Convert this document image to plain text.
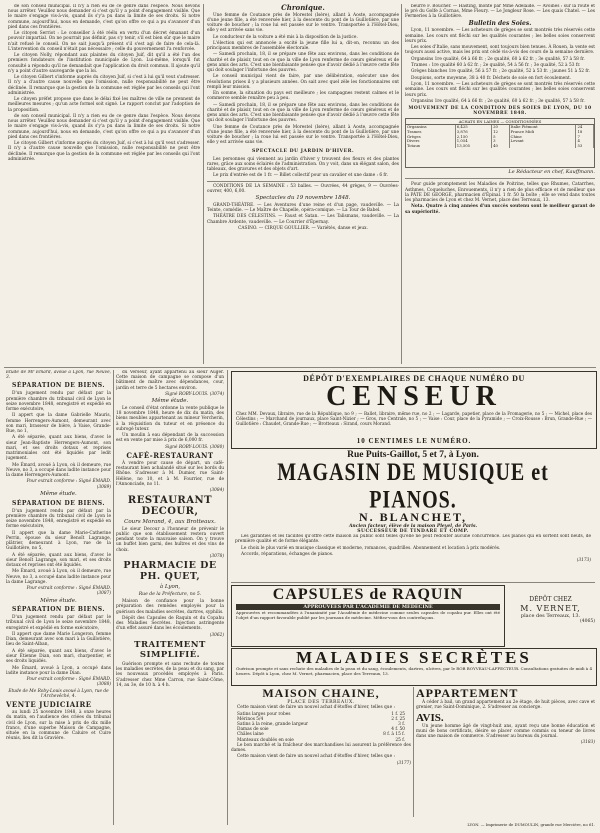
de son conseil municipal. Il n'y a rien eu de ce genre dans l'espèce. Nous devons nous arrêter. Veuillez nous demander si c'est qu'il y a point d'engagement visible. Que le maire s'engage vis-à-vis, quand ils s'y'a pu dans la limite de ses droits. Si notre commune, aujourd'hui, nous en demande, c'est qu'on offre ce qui a pu s'avancer d'un pied dans ces frontières.

Le citoyen Serriot : Le conseiller à été réélu en vertu d'un décret émanant d'un pouvoir impartial. On ne pourrait pas définir, pas s'y tenir, s'il est bien sûr que le maire n'ait refusé le conseil. On ne sait jusqu'à présent s'il s'est agi de faire de cela-là. L'intervention du conseil n'était pas nécessaire ; celle du gouvernement l'a renforcée.

Le citoyen Nolly, répondant aux plaintes du citoyen Juif, dit qu'il a été l'un des premiers fondateurs de l'institution municipale de Lyon. Lui-même, lorsqu'il fut consulté a répondu qu'il ne demandait que l'application du droit commun. Il ajoute qu'il n'y a point d'autre sauvegarde que la loi.

Le citoyen Gilbert s'informe auprès du citoyen Juif, si c'est à lui qu'il veut s'adresser. Il n'y a d'autre cause nouvelle que l'omission, nulle responsabilité ne peut être déclinée. Il remarque que la gestion de la commune est réglée par les conseils qui l'ont administrée.

Le citoyen préfet propose que dans le délai fixé les maîtres de ville ne prennent de meilleures mesures ; qu'un acte formel soit signé. Le rapport conclut par l'adoption de la proposition.

de son conseil municipal. Il n'y a rien eu de ce genre dans l'espèce. Nous devons nous arrêter. Veuillez nous demander si c'est qu'il y a point d'engagement visible. Que le maire s'engage vis-à-vis, quand ils s'y'a pu dans la limite de ses droits. Si notre commune, aujourd'hui, nous en demande, c'est qu'on offre ce qui a pu s'avancer d'un pied dans ces frontières.

Le citoyen Gilbert s'informe auprès du citoyen Juif, si c'est à lui qu'il veut s'adresser. Il n'y a d'autre cause nouvelle que l'omission, nulle responsabilité ne peut être déclinée. Il remarque que la gestion de la commune est réglée par les conseils qui l'ont administrée.

Chronique.

Une femme de Coutance près de Morestel (Isère), allant à Aoste, accompagnée d'une jeune fille, a été renversée hier, à la descente du pont de la Guillotière, par une voiture de boucher ; la roue lui est passée sur le ventre. Transportée à l'Hôtel-Dieu, elle y est arrivée sans vie.

Le conducteur de la voiture a été mis à la disposition de la justice.

L'élection qui est annoncée a excité la jeune fille lui a, dit-on, reconnu un des principaux membres de l'assemblée électorale.

— Samedi prochain, 18, il se prépare une fête aux environs, dans les conditions de charité et de plaisir, tout en ce que la ville de Lyon renferme de cœurs généreux et de gens amis des arts. C'est une bienfaisante pensée que d'avoir dédié à l'œuvre cette fête qui doit soulager l'infortune des pauvres.

Le conseil municipal vient de faire, par une délibération, exécuter une des résolutions prises il y a plusieurs années. On sait avec quel zèle les fonctionnaires ont rempli leur mission.

En somme, la situation du pays est meilleure ; les campagnes restent calmes et le commerce semble renaître peu à peu.

— Samedi prochain, 18, il se prépare une fête aux environs, dans les conditions de charité et de plaisir, tout en ce que la ville de Lyon renferme de cœurs généreux et de gens amis des arts. C'est une bienfaisante pensée que d'avoir dédié à l'œuvre cette fête qui doit soulager l'infortune des pauvres.

Une femme de Coutance près de Morestel (Isère), allant à Aoste, accompagnée d'une jeune fille, a été renversée hier, à la descente du pont de la Guillotière, par une voiture de boucher ; la roue lui est passée sur le ventre. Transportée à l'Hôtel-Dieu, elle y est arrivée sans vie.

SPECTACLE DU JARDIN D'HIVER.

Les personnes qui viennent au jardin d'hiver y trouvent des fleurs et des plantes rares, grâce aux soins éclairés de l'administration. On y voit, dans un élégant salon, des tableaux, des gravures et des objets d'art.

Le prix d'entrée est de 1 fr. — Billet collectif pour un cavalier et une dame : 6 fr.

CONDITIONS DE LA SEMAINE : 53 balles. — Ouvrées, 44 grèges, 9 — Ouvrées-ouvrer, 400, 6,00.

Spectacles du 19 novembre 1848.

GRAND-THÉÂTRE. — Les Aventures d'une reine et d'un page, vaudeville. — La Teinte, comédie. — Le Maître de Chapelle, opéra-comique. — La Tour de Babel.

THÉÂTRE DES CÉLESTINS. — Faust et Satan. — Les Talismans, vaudeville. — La Chambre Ardente, vaudeville. — Le Courrier d'Épernay.

CASINO. — CIRQUE GOULLIER. — Variétés, danse et jeux.

beurre F. Boucher. — Hasting, monté par Mme Adélaïde. — Avoines : sur la route et le pré du Golfe à Cornas, Mme Fleury. — Le Jongleur Rose. — Les quais Chatel. — Les Fermeries à la Guillotière.

Bulletin des Soies.

Lyon, 11 novembre. — Les acheteurs de grèges se sont montrés très réservés cette semaine. Les cours ont fléchi sur les qualités courantes ; les belles soies conservent leurs prix.

Les soies d'Italie, sans mouvement, sont toujours bien tenues. À Rouen, la vente est toujours aussi active, mais les prix ont cédé vis-à-vis des cours de la semaine dernière.

Organsins 1re qualité, 64 à 66 fr. ; 2e qualité, 60 à 62 fr. ; 3e qualité, 57 à 58 fr.

Trames : 1re qualité 60 à 62 fr. ; 2e qualité, 54 à 56 fr. ; 3e qualité, 52 à 53 fr.

Grèges blanches 1re qualité, 56 à 57 fr. ; 2e qualité, 52 à 53 fr. ; jaunes 51 à 52 fr.

Doupions, sorte moyenne, 38 à 40 fr. Déchets de soie en fort écoulement.

Lyon, 11 novembre. — Les acheteurs de grèges se sont montrés très réservés cette semaine. Les cours ont fléchi sur les qualités courantes ; les belles soies conservent leurs prix.

Organsins 1re qualité, 64 à 66 fr. ; 2e qualité, 60 à 62 fr. ; 3e qualité, 57 à 58 fr.

MOUVEMENT DE LA CONDITION DES SOIES DE LYON, DU 10 NOVEMBRE 1848.
ACHATS EN LAINES — CONDITIONNÉES
Organsins	6,425	20	Italie Piémont	24
Trames	3,876	12	France Midi	18
Grèges	2,150	5	Chine	7
Divers	1,054	3	Levant	4
Totaux	13,505	40		53
Le Rédacteur en chef, Kauffmann.

Pour guide promptement les Maladies de Poitrine, telles que Rhumes, Catarrhes, Asthmes, Coqueluches, Enrouements, il n'y a rien de plus efficace et de meilleur que la PÂTE DE GEORGÉ, pharmacien d'Épinal. 1 fr. 50 la boîte ; elle se vend dans toutes les pharmacies de Lyon et chez M. Vernet, place des Terreaux, 13.

Nota. Quatre à cinq années d'un succès soutenu sont le meilleur garant de sa supériorité.

Etude de Mr Émard, avoué à Lyon, rue Neuve, 3.

SÉPARATION DE BIENS.

D'un jugement rendu par défaut par la première chambre du tribunal civil de Lyon le seize novembre 1848, enregistré et expédié en forme exécutoire,

Il appert que la dame Gabrielle Mauris, femme Herrengers-Aumont, demeurant avec son mari, brasseur de bière, à Vaise, Grande-Rue, no 1,

A été séparée, quant aux biens, d'avec le sieur Jean-Baptiste Herrengers-Aumont, son mari, et ses droits dotaux et reprises matrimoniales ont été liquidés par ledit jugement.

Me Émard, avoué à Lyon, où il demeure, rue Neuve, no 3, a occupé dans ladite instance pour la dame Herrengers-Aumont.

Pour extrait conforme : Signé ÉMARD. (3089)

Même étude.
SÉPARATION DE BIENS.

D'un jugement rendu par défaut par la première chambre du tribunal civil de Lyon le seize novembre 1848, enregistré et expédié en forme exécutoire,

Il appert que la dame Marie-Catherine Perrin, épouse du sieur Benoît Lagrange, plâtrier, demeurant à Lyon, rue de la Guillotière, no 5,

A été séparée, quant aux biens, d'avec le sieur Benoît Lagrange, son mari, et ses droits dotaux et reprises ont été liquidés.

Me Émard, avoué à Lyon, où il demeure, rue Neuve, no 3, a occupé dans ladite instance pour la dame Lagrange.

Pour extrait conforme : Signé ÉMARD. (3087)

Même étude.
SÉPARATION DE BIENS.

D'un jugement rendu par défaut par le tribunal civil de Lyon le seize novembre 1848, enregistré et expédié en forme exécutoire,

Il appert que dame Marie Longeron, femme Dian, demeurant avec son mari à la Guillotière, lieu de Saint-Alban,

A été séparée, quant aux biens, d'avec le sieur Étienne Dian, son mari, charpentier, et ses droits liquidés.

Me Émard, avoué à Lyon, a occupé dans ladite instance pour la dame Dian.

Pour extrait conforme : Signé ÉMARD. (3088)

Etude de Me Roby-Louis avoué à Lyon, rue de l'Archevêché, 4.

VENTE JUDICIAIRE

au lundi 25 novembre 1848, à onze heures du matin, en l'audience des criées du tribunal civil de Lyon, sur la mise à prix de dix mille francs, d'une superbe Maison de Campagne, située en la commune de Caluire et Cuire réunis, lieu dit la Gravière.

du Verseur, ayant appartenu au sieur Auger. Cette maison de campagne se compose d'un bâtiment de maître avec dépendances, cour, jardin et terre de 5 hectares environ.

Signé ROBY-LOUIS. (3074)

Même étude.

Le conseil d'état ordonne la vente publique le 18 novembre 1848, heure de dix du matin, des biens meubles appartenant au mineur Vercherin, à la réquisition du tuteur et en présence du subrogé tuteur.

Un moulin à eau dépendant de la succession est en vente par mise à prix de 6,000 fr.

Signé ROBY-LOUIS. (3080)

CAFÉ-RESTAURANT

À vendre pour cause de départ, un café-restaurant bien achalandé situé sur les bords du Rhône. S'adresser à M. Dumier, rue Saint-Hélène, no 10, et à M. Fourrier, rue de l'Annonciade, no 11.

(3084)

RESTAURANT DECOUR,
Cours Morand, 4, aux Brotteaux.

Le sieur Decour a l'honneur de prévenir le public que son établissement restera ouvert pendant toute la mauvaise saison. On y trouve un buffet bien garni, des huîtres et des vins de choix.

(3078)

PHARMACIE DE PH. QUET,
à Lyon,
Rue de la Préfecture, no 5.

Maison de confiance pour la bonne préparation des remèdes employés pour la guérison des maladies secrètes, dartres, syphilis.

Dépôt des Capsules de Raquin et du Copahu des Maladies Secrètes. Injection astringente d'un effet assuré dans les écoulements.

(3062)

TRAITEMENT SIMPLIFIÉ.

Guérison prompte et sans rechute de toutes les maladies secrètes, de la peau et du sang, par les nouveaux procédés employés à Paris. S'adresser chez Mme Carron, rue Saint-Côme, 14, au 3e, de 10 h. à 4 h.

DÉPÔT D'EXEMPLAIRES DE CHAQUE NUMÉRO DU
CENSEUR
Chez MM. Devaux, libraire, rue de la République, no 9 ; — Ballet, libraire, même rue, no 2 ; — Lagarde, papetier, place de la Fromagerie, no 5 ; — Michel, place des Célestins ; — Marchand de journaux, place Saint-Nizier ; — Gros, rue Centrale, no 5 ; — Vaise : Cour, place de la Pyramide ; — Croix-Rousse : Brun, Grande-Rue ; — Guillotière : Chaudet, Grande-Rue ; — Brotteaux : Sirand, cours Morand.
10 CENTIMES LE NUMÉRO.
Rue Puits-Gaillot, 5 et 7, à Lyon.
MAGASIN DE MUSIQUE et PIANOS.
N. BLANCHET,
Ancien facteur, élève de la maison Pleyel, de Paris.
SUCCESSEUR DE TINDARE ET COMP.

Les garanties et les facilités qu'offre cette maison au public sont telles qu'elle ne peut redouter aucune concurrence. Les pianos qui en sortent sont neufs, de première qualité et de forme élégante.

Le choix le plus varié en musique classique et moderne, romances, quadrilles. Abonnement et location à prix modérés.

Accords, réparations, échanges de pianos.

(3173)

CAPSULES de RAQUIN
APPROUVÉES PAR L'ACADÉMIE DE MÉDECINE
Approuvées et recommandées à l'unanimité par l'Académie de médecine comme seules capsules de copahu pur. Elles ont été l'objet d'un rapport favorable publié par les journaux de médecine. Méfiez-vous des contrefaçons.
DÉPÔT CHEZ
M. VERNET,
place des Terreaux, 13.
(4065)
MALADIES SECRÈTES
Guérison prompte et sans rechute des maladies de la peau et du sang, écoulements, dartres, ulcères, par le ROB BOYVEAU-LAFFECTEUR. Consultations gratuites de midi à 4 heures. Dépôt à Lyon, chez M. Vernet, pharmacien, place des Terreaux, 13.
MAISON CHAINE,
PLACE DES TERREAUX.

Cette maison vient de faire un nouvel achat d'étoffes d'hiver, telles que :

Satins larges pour robes	1 f. 25
Mérinos 5/4	2 f. 25
Satins à la reine, grande largeur	3 f.
Damas de soie	4 f. 50
Châles laine	8 f. à 15 f.
Manteaux doublés en soie	25 f.

Le bon marché et la fraîcheur des marchandises lui assurent la préférence des dames.

Cette maison vient de faire un nouvel achat d'étoffes d'hiver, telles que :

(3177)

APPARTEMENT

À céder à bail, un grand appartement au 2e étage, de huit pièces, avec cave et grenier, rue Saint-Dominique, 2. S'adresser au concierge.

AVIS.

Un jeune homme âgé de vingt-huit ans, ayant reçu une bonne éducation et muni de bons certificats, désire se placer comme commis ou teneur de livres dans une maison de commerce. S'adresser au bureau du journal.

(3183)

LYON. — Imprimerie de DUMOULIN, grande rue Mercière, no 61.
